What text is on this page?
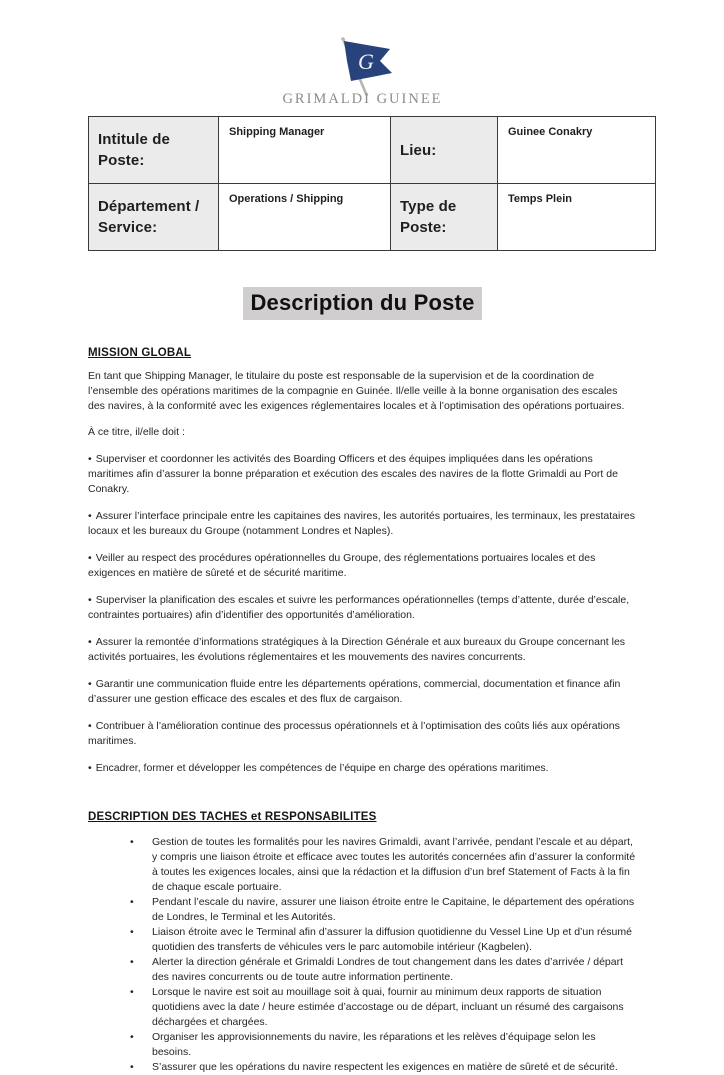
G
GRIMALDI GUINEE
Intitule de Poste:	Shipping Manager	Lieu:	Guinee Conakry
Département / Service:	Operations / Shipping	Type de Poste:	Temps Plein
Description du Poste
MISSION GLOBAL

En tant que Shipping Manager, le titulaire du poste est responsable de la supervision et de la coordination de l’ensemble des opérations maritimes de la compagnie en Guinée. Il/elle veille à la bonne organisation des escales des navires, à la conformité avec les exigences réglementaires locales et à l’optimisation des opérations portuaires.

À ce titre, il/elle doit :

• Superviser et coordonner les activités des Boarding Officers et des équipes impliquées dans les opérations maritimes afin d’assurer la bonne préparation et exécution des escales des navires de la flotte Grimaldi au Port de Conakry.

• Assurer l’interface principale entre les capitaines des navires, les autorités portuaires, les terminaux, les prestataires locaux et les bureaux du Groupe (notamment Londres et Naples).

• Veiller au respect des procédures opérationnelles du Groupe, des réglementations portuaires locales et des exigences en matière de sûreté et de sécurité maritime.

• Superviser la planification des escales et suivre les performances opérationnelles (temps d’attente, durée d’escale, contraintes portuaires) afin d’identifier des opportunités d’amélioration.

• Assurer la remontée d’informations stratégiques à la Direction Générale et aux bureaux du Groupe concernant les activités portuaires, les évolutions réglementaires et les mouvements des navires concurrents.

• Garantir une communication fluide entre les départements opérations, commercial, documentation et finance afin d’assurer une gestion efficace des escales et des flux de cargaison.

• Contribuer à l’amélioration continue des processus opérationnels et à l’optimisation des coûts liés aux opérations maritimes.

• Encadrer, former et développer les compétences de l’équipe en charge des opérations maritimes.

DESCRIPTION DES TACHES et RESPONSABILITES
•	Gestion de toutes les formalités pour les navires Grimaldi, avant l’arrivée, pendant l’escale et au départ, y compris une liaison étroite et efficace avec toutes les autorités concernées afin d’assurer la conformité à toutes les exigences locales, ainsi que la rédaction et la diffusion d’un bref Statement of Facts à la fin de chaque escale portuaire.
•	Pendant l’escale du navire, assurer une liaison étroite entre le Capitaine, le département des opérations de Londres, le Terminal et les Autorités.
•	Liaison étroite avec le Terminal afin d’assurer la diffusion quotidienne du Vessel Line Up et d’un résumé quotidien des transferts de véhicules vers le parc automobile intérieur (Kagbelen).
•	Alerter la direction générale et Grimaldi Londres de tout changement dans les dates d’arrivée / départ des navires concurrents ou de toute autre information pertinente.
•	Lorsque le navire est soit au mouillage soit à quai, fournir au minimum deux rapports de situation quotidiens avec la date / heure estimée d’accostage ou de départ, incluant un résumé des cargaisons déchargées et chargées.
•	Organiser les approvisionnements du navire, les réparations et les relèves d’équipage selon les besoins.
•	S’assurer que les opérations du navire respectent les exigences en matière de sûreté et de sécurité.
